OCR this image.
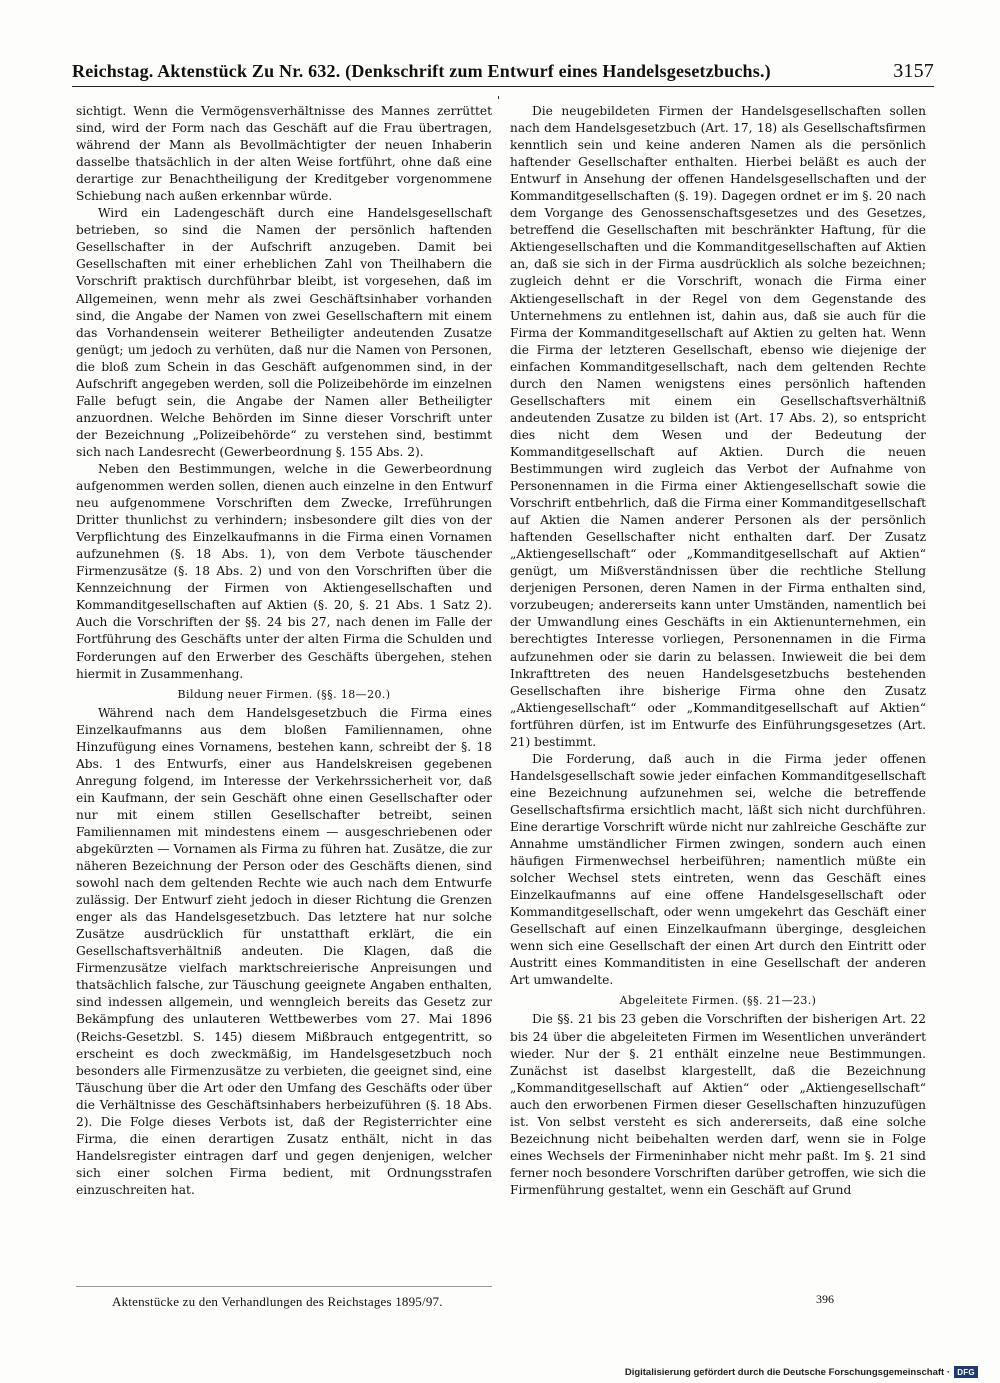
Reichstag. Aktenstück Zu Nr. 632. (Denkschrift zum Entwurf eines Handelsgesetzbuchs.)	3157

sichtigt. Wenn die Vermögensverhältnisse des Mannes zerrüttet sind, wird der Form nach das Geschäft auf die Frau übertragen, während der Mann als Bevollmächtigter der neuen Inhaberin dasselbe thatsächlich in der alten Weise fortführt, ohne daß eine derartige zur Benachtheiligung der Kreditgeber vorgenommene Schiebung nach außen erkennbar würde.

Wird ein Ladengeschäft durch eine Handelsgesellschaft betrieben, so sind die Namen der persönlich haftenden Gesellschafter in der Aufschrift anzugeben. Damit bei Gesellschaften mit einer erheblichen Zahl von Theilhabern die Vorschrift praktisch durchführbar bleibt, ist vorgesehen, daß im Allgemeinen, wenn mehr als zwei Geschäftsinhaber vorhanden sind, die Angabe der Namen von zwei Gesellschaftern mit einem das Vorhandensein weiterer Betheiligter andeutenden Zusatze genügt; um jedoch zu verhüten, daß nur die Namen von Personen, die bloß zum Schein in das Geschäft aufgenommen sind, in der Aufschrift angegeben werden, soll die Polizeibehörde im einzelnen Falle befugt sein, die Angabe der Namen aller Betheiligter anzuordnen. Welche Behörden im Sinne dieser Vorschrift unter der Bezeichnung „Polizeibehörde“ zu verstehen sind, bestimmt sich nach Landesrecht (Gewerbeordnung §. 155 Abs. 2).

Neben den Bestimmungen, welche in die Gewerbeordnung aufgenommen werden sollen, dienen auch einzelne in den Entwurf neu aufgenommene Vorschriften dem Zwecke, Irreführungen Dritter thunlichst zu verhindern; insbesondere gilt dies von der Verpflichtung des Einzelkaufmanns in die Firma einen Vornamen aufzunehmen (§. 18 Abs. 1), von dem Verbote täuschender Firmenzusätze (§. 18 Abs. 2) und von den Vorschriften über die Kennzeichnung der Firmen von Aktiengesellschaften und Kommanditgesellschaften auf Aktien (§. 20, §. 21 Abs. 1 Satz 2). Auch die Vorschriften der §§. 24 bis 27, nach denen im Falle der Fortführung des Geschäfts unter der alten Firma die Schulden und Forderungen auf den Erwerber des Geschäfts übergehen, stehen hiermit in Zusammenhang.

Bildung neuer Firmen. (§§. 18—20.)

Während nach dem Handelsgesetzbuch die Firma eines Einzelkaufmanns aus dem bloßen Familiennamen, ohne Hinzufügung eines Vornamens, bestehen kann, schreibt der §. 18 Abs. 1 des Entwurfs, einer aus Handelskreisen gegebenen Anregung folgend, im Interesse der Verkehrssicherheit vor, daß ein Kaufmann, der sein Geschäft ohne einen Gesellschafter oder nur mit einem stillen Gesellschafter betreibt, seinen Familiennamen mit mindestens einem — ausgeschriebenen oder abgekürzten — Vornamen als Firma zu führen hat. Zusätze, die zur näheren Bezeichnung der Person oder des Geschäfts dienen, sind sowohl nach dem geltenden Rechte wie auch nach dem Entwurfe zulässig. Der Entwurf zieht jedoch in dieser Richtung die Grenzen enger als das Handelsgesetzbuch. Das letztere hat nur solche Zusätze ausdrücklich für unstatthaft erklärt, die ein Gesellschaftsverhältniß andeuten. Die Klagen, daß die Firmenzusätze vielfach marktschreierische Anpreisungen und thatsächlich falsche, zur Täuschung geeignete Angaben enthalten, sind indessen allgemein, und wenngleich bereits das Gesetz zur Bekämpfung des unlauteren Wettbewerbes vom 27. Mai 1896 (Reichs-Gesetzbl. S. 145) diesem Mißbrauch entgegentritt, so erscheint es doch zweckmäßig, im Handelsgesetzbuch noch besonders alle Firmenzusätze zu verbieten, die geeignet sind, eine Täuschung über die Art oder den Umfang des Geschäfts oder über die Verhältnisse des Geschäftsinhabers herbeizuführen (§. 18 Abs. 2). Die Folge dieses Verbots ist, daß der Registerrichter eine Firma, die einen derartigen Zusatz enthält, nicht in das Handelsregister eintragen darf und gegen denjenigen, welcher sich einer solchen Firma bedient, mit Ordnungsstrafen einzuschreiten hat.

Die neugebildeten Firmen der Handelsgesellschaften sollen nach dem Handelsgesetzbuch (Art. 17, 18) als Gesellschaftsfirmen kenntlich sein und keine anderen Namen als die persönlich haftender Gesellschafter enthalten. Hierbei beläßt es auch der Entwurf in Ansehung der offenen Handelsgesellschaften und der Kommanditgesellschaften (§. 19). Dagegen ordnet er im §. 20 nach dem Vorgange des Genossenschaftsgesetzes und des Gesetzes, betreffend die Gesellschaften mit beschränkter Haftung, für die Aktiengesellschaften und die Kommanditgesellschaften auf Aktien an, daß sie sich in der Firma ausdrücklich als solche bezeichnen; zugleich dehnt er die Vorschrift, wonach die Firma einer Aktiengesellschaft in der Regel von dem Gegenstande des Unternehmens zu entlehnen ist, dahin aus, daß sie auch für die Firma der Kommanditgesellschaft auf Aktien zu gelten hat. Wenn die Firma der letzteren Gesellschaft, ebenso wie diejenige der einfachen Kommanditgesellschaft, nach dem geltenden Rechte durch den Namen wenigstens eines persönlich haftenden Gesellschafters mit einem ein Gesellschaftsverhältniß andeutenden Zusatze zu bilden ist (Art. 17 Abs. 2), so entspricht dies nicht dem Wesen und der Bedeutung der Kommanditgesellschaft auf Aktien. Durch die neuen Bestimmungen wird zugleich das Verbot der Aufnahme von Personennamen in die Firma einer Aktiengesellschaft sowie die Vorschrift entbehrlich, daß die Firma einer Kommanditgesellschaft auf Aktien die Namen anderer Personen als der persönlich haftenden Gesellschafter nicht enthalten darf. Der Zusatz „Aktiengesellschaft“ oder „Kommanditgesellschaft auf Aktien“ genügt, um Mißverständnissen über die rechtliche Stellung derjenigen Personen, deren Namen in der Firma enthalten sind, vorzubeugen; andererseits kann unter Umständen, namentlich bei der Umwandlung eines Geschäfts in ein Aktienunternehmen, ein berechtigtes Interesse vorliegen, Personennamen in die Firma aufzunehmen oder sie darin zu belassen. Inwieweit die bei dem Inkrafttreten des neuen Handelsgesetzbuchs bestehenden Gesellschaften ihre bisherige Firma ohne den Zusatz „Aktiengesellschaft“ oder „Kommanditgesellschaft auf Aktien“ fortführen dürfen, ist im Entwurfe des Einführungsgesetzes (Art. 21) bestimmt.

Die Forderung, daß auch in die Firma jeder offenen Handelsgesellschaft sowie jeder einfachen Kommanditgesellschaft eine Bezeichnung aufzunehmen sei, welche die betreffende Gesellschaftsfirma ersichtlich macht, läßt sich nicht durchführen. Eine derartige Vorschrift würde nicht nur zahlreiche Geschäfte zur Annahme umständlicher Firmen zwingen, sondern auch einen häufigen Firmenwechsel herbeiführen; namentlich müßte ein solcher Wechsel stets eintreten, wenn das Geschäft eines Einzelkaufmanns auf eine offene Handelsgesellschaft oder Kommanditgesellschaft, oder wenn umgekehrt das Geschäft einer Gesellschaft auf einen Einzelkaufmann überginge, desgleichen wenn sich eine Gesellschaft der einen Art durch den Eintritt oder Austritt eines Kommanditisten in eine Gesellschaft der anderen Art umwandelte.

Abgeleitete Firmen. (§§. 21—23.)

Die §§. 21 bis 23 geben die Vorschriften der bisherigen Art. 22 bis 24 über die abgeleiteten Firmen im Wesentlichen unverändert wieder. Nur der §. 21 enthält einzelne neue Bestimmungen. Zunächst ist daselbst klargestellt, daß die Bezeichnung „Kommanditgesellschaft auf Aktien“ oder „Aktiengesellschaft“ auch den erworbenen Firmen dieser Gesellschaften hinzuzufügen ist. Von selbst versteht es sich andererseits, daß eine solche Bezeichnung nicht beibehalten werden darf, wenn sie in Folge eines Wechsels der Firmeninhaber nicht mehr paßt. Im §. 21 sind ferner noch besondere Vorschriften darüber getroffen, wie sich die Firmenführung gestaltet, wenn ein Geschäft auf Grund

Aktenstücke zu den Verhandlungen des Reichstages 1895/97.	396
Digitalisierung gefördert durch die Deutsche Forschungsgemeinschaft · DFG
